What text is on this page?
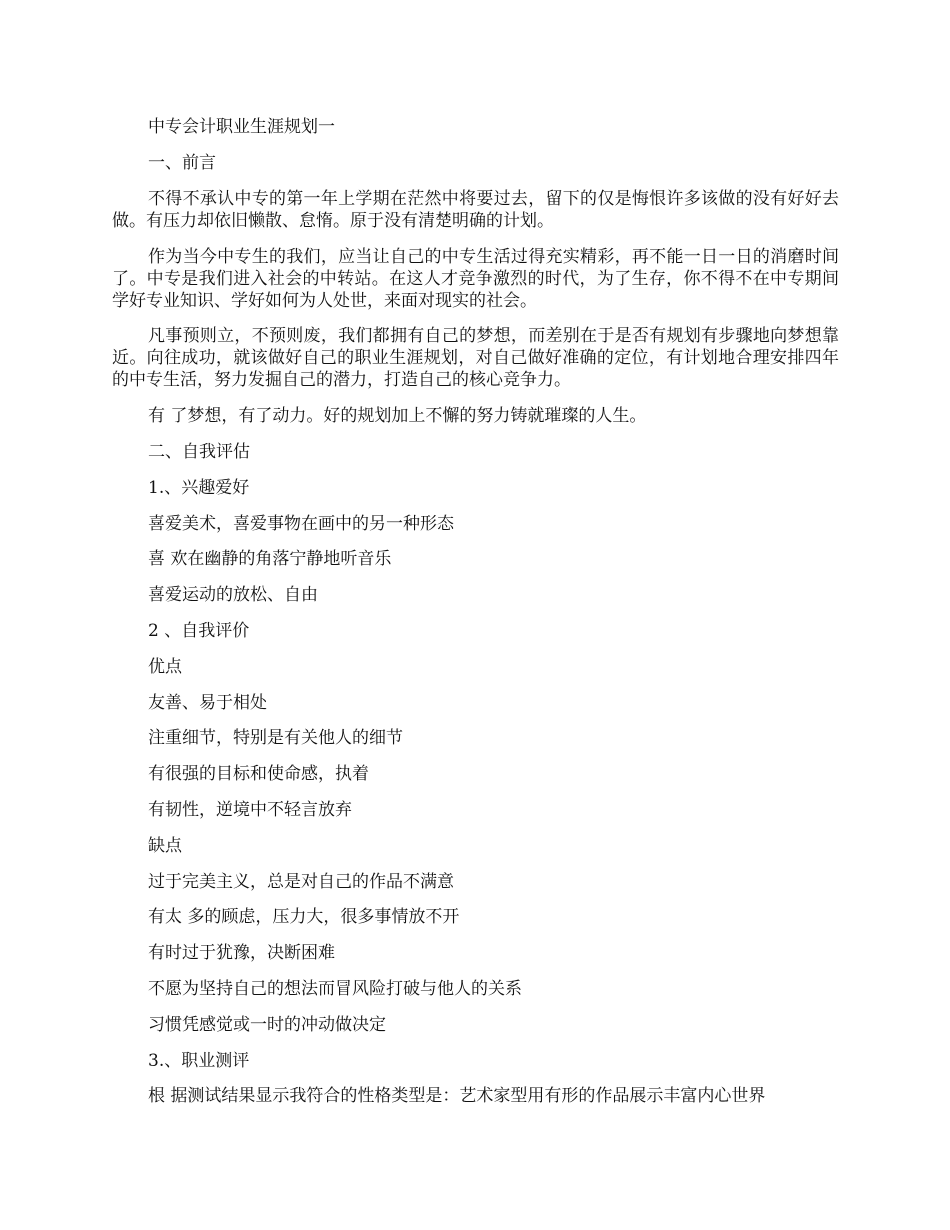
中专会计职业生涯规划一
一、前言
不得不承认中专的第一年上学期在茫然中将要过去，留下的仅是悔恨许多该做的没有好好去做。有压力却依旧懒散、怠惰。原于没有清楚明确的计划。
作为当今中专生的我们，应当让自己的中专生活过得充实精彩，再不能一日一日的消磨时间了。中专是我们进入社会的中转站。在这人才竞争激烈的时代，为了生存，你不得不在中专期间学好专业知识、学好如何为人处世，来面对现实的社会。
凡事预则立，不预则废，我们都拥有自己的梦想，而差别在于是否有规划有步骤地向梦想靠近。向往成功，就该做好自己的职业生涯规划，对自己做好准确的定位，有计划地合理安排四年的中专生活，努力发掘自己的潜力，打造自己的核心竞争力。
有 了梦想，有了动力。好的规划加上不懈的努力铸就璀璨的人生。
二、自我评估
1.、兴趣爱好
喜爱美术，喜爱事物在画中的另一种形态
喜 欢在幽静的角落宁静地听音乐
喜爱运动的放松、自由
2 、自我评价
优点
友善、易于相处
注重细节，特别是有关他人的细节
有很强的目标和使命感，执着
有韧性，逆境中不轻言放弃
缺点
过于完美主义，总是对自己的作品不满意
有太 多的顾虑，压力大，很多事情放不开
有时过于犹豫，决断困难
不愿为坚持自己的想法而冒风险打破与他人的关系
习惯凭感觉或一时的冲动做决定
3.、职业测评
根 据测试结果显示我符合的性格类型是：艺术家型用有形的作品展示丰富内心世界
